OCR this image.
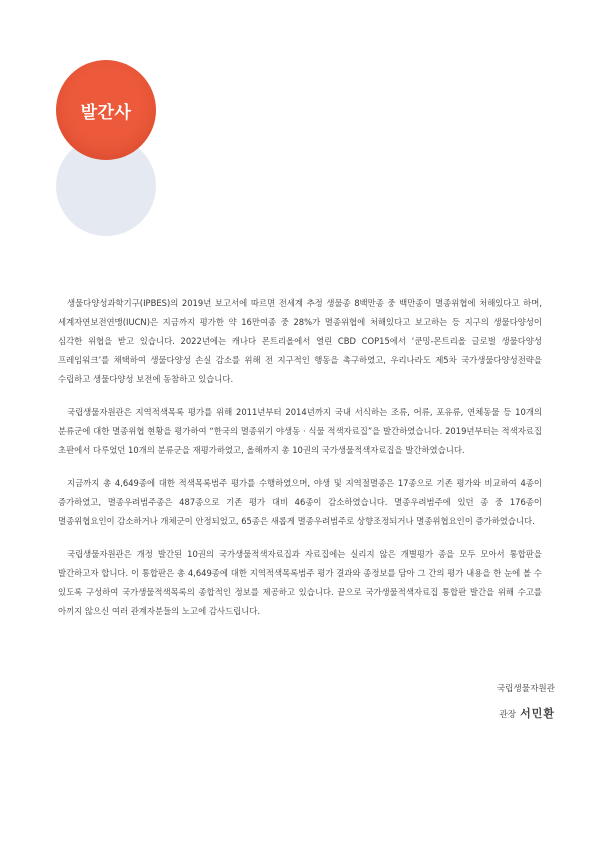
발간사

생물다양성과학기구(IPBES)의 2019년 보고서에 따르면 전세계 추정 생물종 8백만종 중 백만종이 멸종위협에 처해있다고 하며, 세계자연보전연맹(IUCN)은 지금까지 평가한 약 16만여종 중 28%가 멸종위협에 처해있다고 보고하는 등 지구의 생물다양성이 심각한 위협을 받고 있습니다. 2022년에는 캐나다 몬트리올에서 열린 CBD COP15에서 ‘쿤밍-몬트리올 글로벌 생물다양성 프레임워크’를 채택하여 생물다양성 손실 감소를 위해 전 지구적인 행동을 촉구하였고, 우리나라도 제5차 국가생물다양성전략을 수립하고 생물다양성 보전에 동참하고 있습니다.

국립생물자원관은 지역적색목록 평가를 위해 2011년부터 2014년까지 국내 서식하는 조류, 어류, 포유류, 연체동물 등 10개의 분류군에 대한 멸종위협 현황을 평가하여 “한국의 멸종위기 야생동 · 식물 적색자료집”을 발간하였습니다. 2019년부터는 적색자료집 초판에서 다루었던 10개의 분류군을 재평가하였고, 올해까지 총 10권의 국가생물적색자료집을 발간하였습니다.

지금까지 총 4,649종에 대한 적색목록범주 평가를 수행하였으며, 야생 및 지역절멸종은 17종으로 기존 평가와 비교하여 4종이 증가하였고, 멸종우려범주종은 487종으로 기존 평가 대비 46종이 감소하였습니다. 멸종우려범주에 있던 종 중 176종이 멸종위협요인이 감소하거나 개체군이 안정되었고, 65종은 새롭게 멸종우려범주로 상향조정되거나 멸종위협요인이 증가하였습니다.

국립생물자원관은 개정 발간된 10권의 국가생물적색자료집과 자료집에는 실리지 않은 개별평가 종을 모두 모아서 통합판을 발간하고자 합니다. 이 통합판은 총 4,649종에 대한 지역적색목록범주 평가 결과와 종정보를 담아 그 간의 평가 내용을 한 눈에 볼 수 있도록 구성하여 국가생물적색목록의 종합적인 정보를 제공하고 있습니다. 끝으로 국가생물적색자료집 통합판 발간을 위해 수고를 아끼지 않으신 여러 관계자분들의 노고에 감사드립니다.

국립생물자원관

관장 서민환
